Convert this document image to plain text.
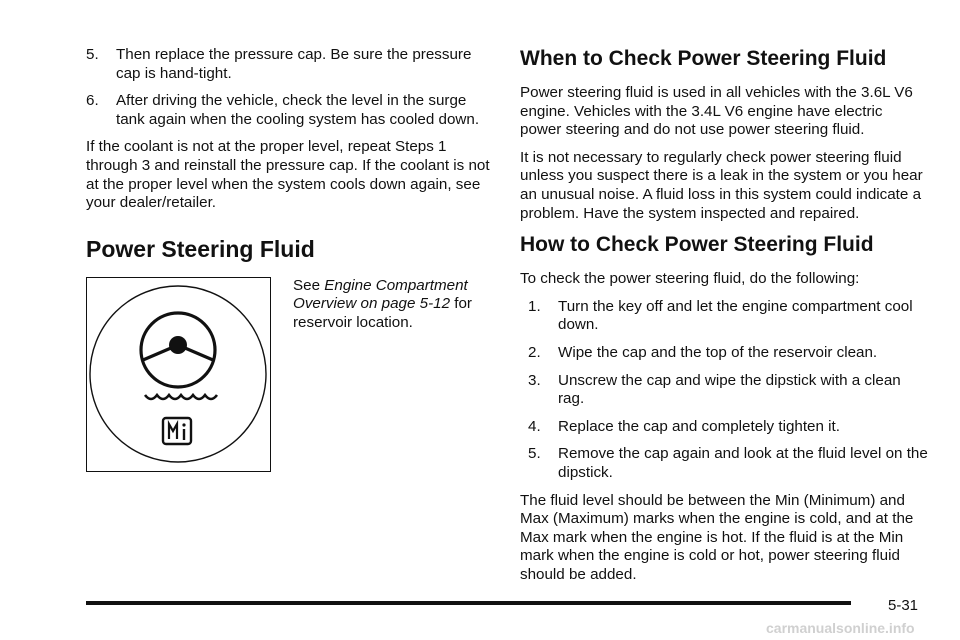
5. Then replace the pressure cap. Be sure the pressure cap is hand-tight.
6. After driving the vehicle, check the level in the surge tank again when the cooling system has cooled down.

If the coolant is not at the proper level, repeat Steps 1 through 3 and reinstall the pressure cap. If the coolant is not at the proper level when the system cools down again, see your dealer/retailer.

Power Steering Fluid

See Engine Compartment Overview on page 5-12 for reservoir location.

When to Check Power Steering Fluid

Power steering fluid is used in all vehicles with the 3.6L V6 engine. Vehicles with the 3.4L V6 engine have electric power steering and do not use power steering fluid.

It is not necessary to regularly check power steering fluid unless you suspect there is a leak in the system or you hear an unusual noise. A fluid loss in this system could indicate a problem. Have the system inspected and repaired.

How to Check Power Steering Fluid

To check the power steering fluid, do the following:

1. Turn the key off and let the engine compartment cool down.
2. Wipe the cap and the top of the reservoir clean.
3. Unscrew the cap and wipe the dipstick with a clean rag.
4. Replace the cap and completely tighten it.
5. Remove the cap again and look at the fluid level on the dipstick.

The fluid level should be between the Min (Minimum) and Max (Maximum) marks when the engine is cold, and at the Max mark when the engine is hot. If the fluid is at the Min mark when the engine is cold or hot, power steering fluid should be added.

5-31
carmanualsonline.info
